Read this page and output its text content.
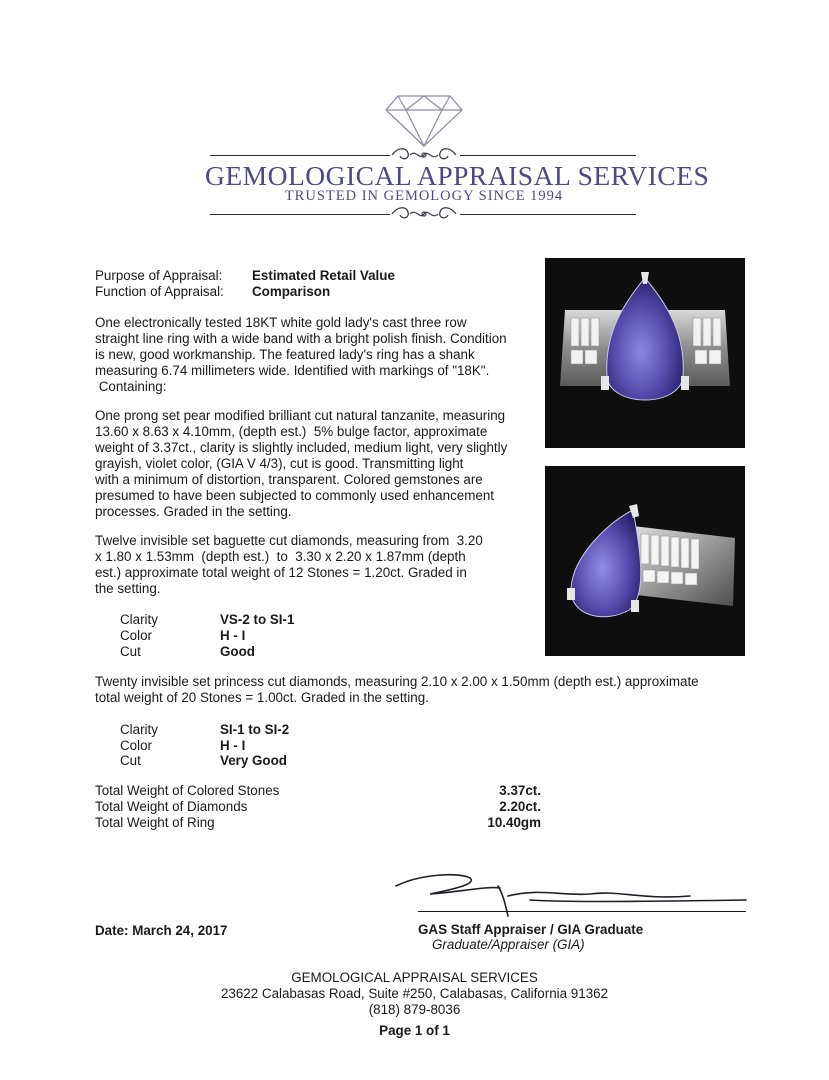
GEMOLOGICAL APPRAISAL SERVICES
TRUSTED IN GEMOLOGY SINCE 1994
Purpose of Appraisal: Estimated Retail Value
Function of Appraisal: Comparison
One electronically tested 18KT white gold lady's cast three row
straight line ring with a wide band with a bright polish finish. Condition
is new, good workmanship. The featured lady's ring has a shank
measuring 6.74 millimeters wide. Identified with markings of "18K".
Containing:
One prong set pear modified brilliant cut natural tanzanite, measuring
13.60 x 8.63 x 4.10mm, (depth est.)  5% bulge factor, approximate
weight of 3.37ct., clarity is slightly included, medium light, very slightly
grayish, violet color, (GIA V 4/3), cut is good. Transmitting light
with a minimum of distortion, transparent. Colored gemstones are
presumed to have been subjected to commonly used enhancement
processes. Graded in the setting.
Twelve invisible set baguette cut diamonds, measuring from  3.20
x 1.80 x 1.53mm  (depth est.)  to  3.30 x 2.20 x 1.87mm (depth
est.) approximate total weight of 12 Stones = 1.20ct. Graded in
the setting.
Clarity	VS-2 to SI-1
Color	H - I
Cut	Good
Twenty invisible set princess cut diamonds, measuring 2.10 x 2.00 x 1.50mm (depth est.) approximate
total weight of 20 Stones = 1.00ct. Graded in the setting.
Clarity	SI-1 to SI-2
Color	H - I
Cut	Very Good
Total Weight of Colored Stones	3.37ct.
Total Weight of Diamonds	2.20ct.
Total Weight of Ring	10.40gm
Date: March 24, 2017	GAS Staff Appraiser / GIA Graduate
Graduate/Appraiser (GIA)
GEMOLOGICAL APPRAISAL SERVICES
23622 Calabasas Road, Suite #250, Calabasas, California 91362
(818) 879-8036
Page 1 of 1
